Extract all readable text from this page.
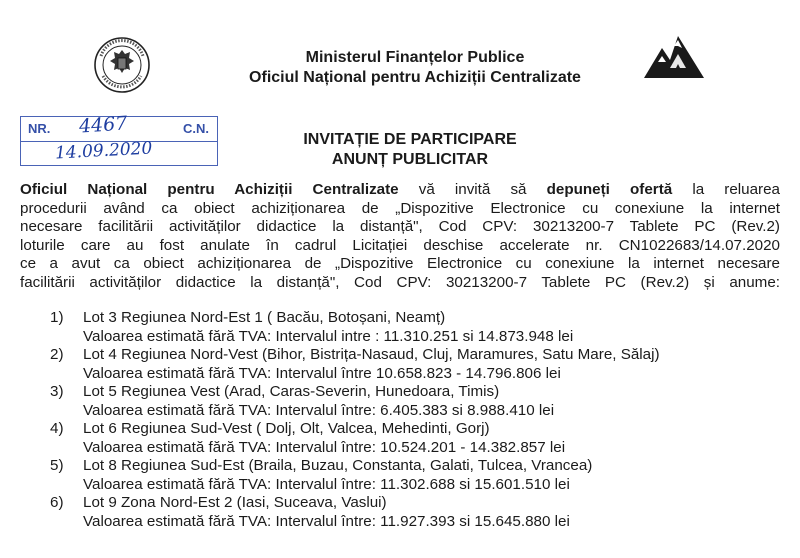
Ministerul Finanțelor Publice
Oficiul Național pentru Achiziții Centralizate
NR. 4467	C.N.
14.09.2020	INVITAȚIE DE PARTICIPARE
ANUNȚ PUBLICITAR
Oficiul Național pentru Achiziții Centralizate vă invită să depuneți ofertă la reluarea
procedurii având ca obiect achiziționarea de „Dispozitive Electronice cu conexiune la internet
necesare facilitării activităților didactice la distanță", Cod CPV: 30213200-7 Tablete PC (Rev.2)
loturile care au fost anulate în cadrul Licitației deschise accelerate nr. CN1022683/14.07.2020
ce a avut ca obiect achiziționarea de „Dispozitive Electronice cu conexiune la internet necesare
facilitării activităților didactice la distanță", Cod CPV: 30213200-7 Tablete PC (Rev.2) și anume:
1) Lot 3 Regiunea Nord-Est 1 ( Bacău, Botoșani, Neamț)
Valoarea estimată fără TVA: Intervalul intre : 11.310.251 si 14.873.948 lei
2) Lot 4 Regiunea Nord-Vest (Bihor, Bistrița-Nasaud, Cluj, Maramures, Satu Mare, Sălaj)
Valoarea estimată fără TVA: Intervalul între 10.658.823 - 14.796.806 lei
3) Lot 5 Regiunea Vest (Arad, Caras-Severin, Hunedoara, Timis)
Valoarea estimată fără TVA: Intervalul între: 6.405.383 si 8.988.410 lei
4) Lot 6 Regiunea Sud-Vest ( Dolj, Olt, Valcea, Mehedinti, Gorj)
Valoarea estimată fără TVA: Intervalul între: 10.524.201 - 14.382.857 lei
5) Lot 8 Regiunea Sud-Est (Braila, Buzau, Constanta, Galati, Tulcea, Vrancea)
Valoarea estimată fără TVA: Intervalul între: 11.302.688 si 15.601.510 lei
6) Lot 9 Zona Nord-Est 2 (Iasi, Suceava, Vaslui)
Valoarea estimată fără TVA: Intervalul între: 11.927.393 si 15.645.880 lei
